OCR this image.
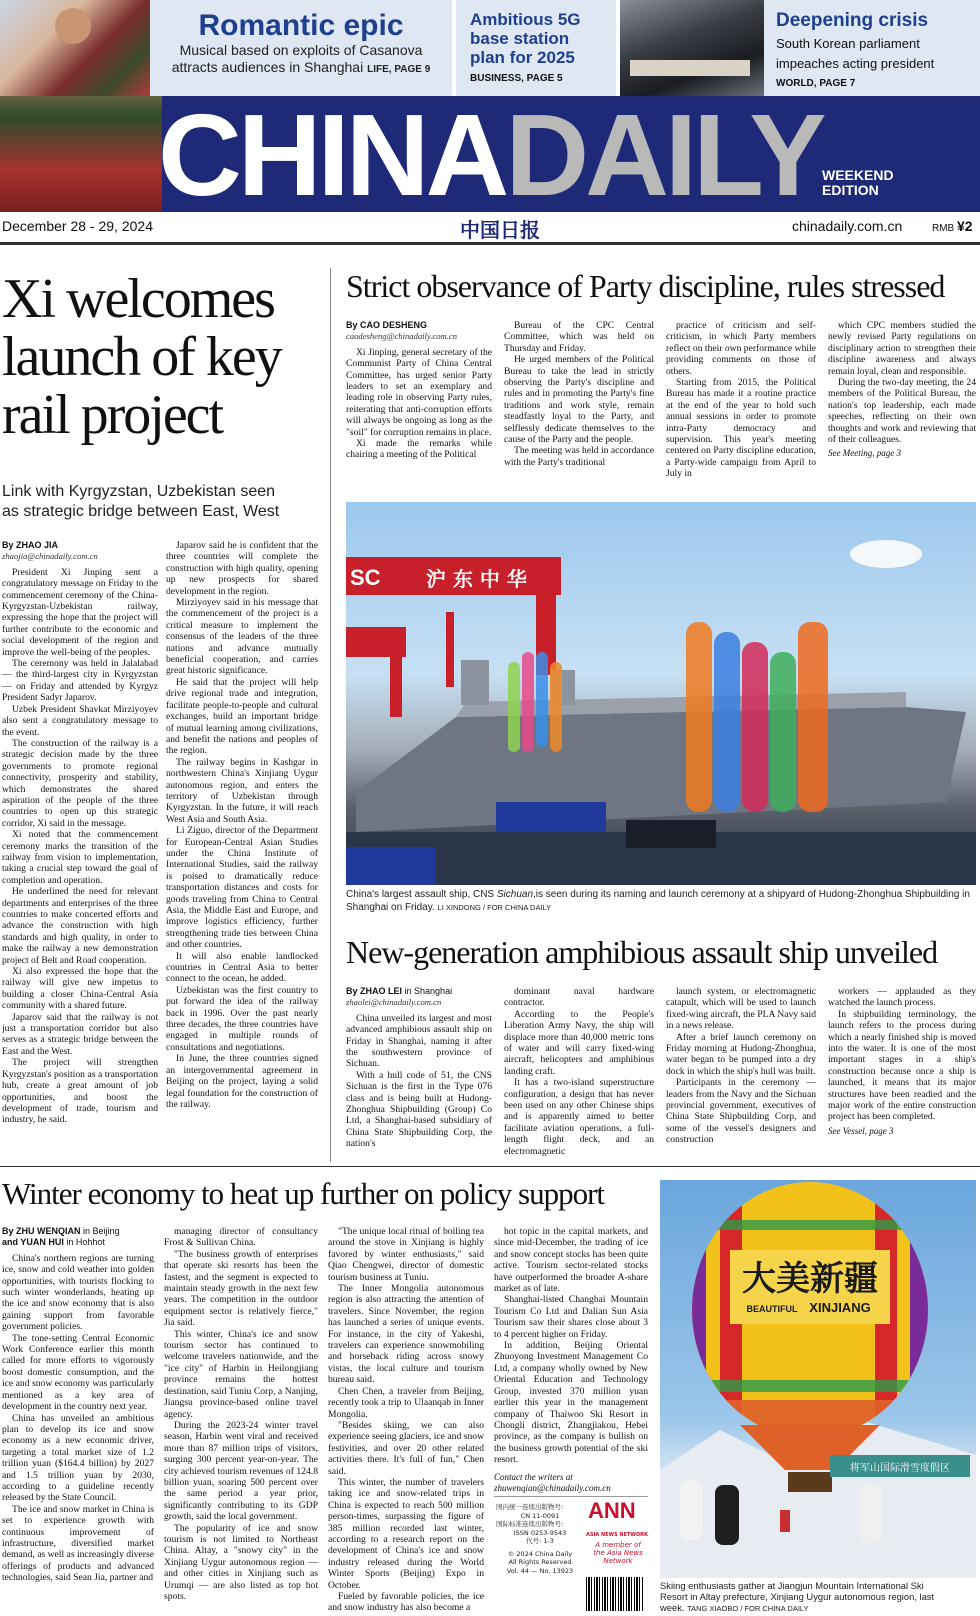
Romantic epic

Musical based on exploits of Casanova

attracts audiences in Shanghai LIFE, PAGE 9

Ambitious 5G
base station
plan for 2025
BUSINESS, PAGE 5
Deepening crisis

South Korean parliament

impeaches acting president

WORLD, PAGE 7
CHINADAILY WEEKEND
EDITION
December 28 - 29, 2024	中国日报	chinadaily.com.cn	RMB ¥2
Xi welcomes
launch of key
rail project
Link with Kyrgyzstan, Uzbekistan seen
as strategic bridge between East, West

By ZHAO JIA

zhaojia@chinadaily.com.cn

President Xi Jinping sent a congratulatory message on Friday to the commencement ceremony of the China-Kyrgyzstan-Uzbekistan railway, expressing the hope that the project will further contribute to the economic and social development of the region and improve the well-being of the peoples.

The ceremony was held in Jalalabad — the third-largest city in Kyrgyzstan — on Friday and attended by Kyrgyz President Sadyr Japarov.

Uzbek President Shavkat Mirziyoyev also sent a congratulatory message to the event.

The construction of the railway is a strategic decision made by the three governments to promote regional connectivity, prosperity and stability, which demonstrates the shared aspiration of the people of the three countries to open up this strategic corridor, Xi said in the message.

Xi noted that the commencement ceremony marks the transition of the railway from vision to implementation, taking a crucial step toward the goal of completion and operation.

He underlined the need for relevant departments and enterprises of the three countries to make concerted efforts and advance the construction with high standards and high quality, in order to make the railway a new demonstration project of Belt and Road cooperation.

Xi also expressed the hope that the railway will give new impetus to building a closer China-Central Asia community with a shared future.

Japarov said that the railway is not just a transportation corridor but also serves as a strategic bridge between the East and the West.

The project will strengthen Kyrgyzstan's position as a transportation hub, create a great amount of job opportunities, and boost the development of trade, tourism and industry, he said.

Japarov said he is confident that the three countries will complete the construction with high quality, opening up new prospects for shared development in the region.

Mirziyoyev said in his message that the commencement of the project is a critical measure to implement the consensus of the leaders of the three nations and advance mutually beneficial cooperation, and carries great historic significance.

He said that the project will help drive regional trade and integration, facilitate people-to-people and cultural exchanges, build an important bridge of mutual learning among civilizations, and benefit the nations and peoples of the region.

The railway begins in Kashgar in northwestern China's Xinjiang Uygur autonomous region, and enters the territory of Uzbekistan through Kyrgyzstan. In the future, it will reach West Asia and South Asia.

Li Ziguo, director of the Department for European-Central Asian Studies under the China Institute of International Studies, said the railway is poised to dramatically reduce transportation distances and costs for goods traveling from China to Central Asia, the Middle East and Europe, and improve logistics efficiency, further strengthening trade ties between China and other countries.

It will also enable landlocked countries in Central Asia to better connect to the ocean, he added.

Uzbekistan was the first country to put forward the idea of the railway back in 1996. Over the past nearly three decades, the three countries have engaged in multiple rounds of consultations and negotiations.

In June, the three countries signed an intergovernmental agreement in Beijing on the project, laying a solid legal foundation for the construction of the railway.

Strict observance of Party discipline, rules stressed

By CAO DESHENG

caodesheng@chinadaily.com.cn

Xi Jinping, general secretary of the Communist Party of China Central Committee, has urged senior Party leaders to set an exemplary and leading role in observing Party rules, reiterating that anti-corruption efforts will always be ongoing as long as the "soil" for corruption remains in place.

Xi made the remarks while chairing a meeting of the Political

Bureau of the CPC Central Committee, which was held on Thursday and Friday.

He urged members of the Political Bureau to take the lead in strictly observing the Party's discipline and rules and in promoting the Party's fine traditions and work style, remain steadfastly loyal to the Party, and selflessly dedicate themselves to the cause of the Party and the people.

The meeting was held in accordance with the Party's traditional

practice of criticism and self-criticism, in which Party members reflect on their own performance while providing comments on those of others.

Starting from 2015, the Political Bureau has made it a routine practice at the end of the year to hold such annual sessions in order to promote intra-Party democracy and supervision. This year's meeting centered on Party discipline education, a Party-wide campaign from April to July in

which CPC members studied the newly revised Party regulations on disciplinary action to strengthen their discipline awareness and always remain loyal, clean and responsible.

During the two-day meeting, the 24 members of the Political Bureau, the nation's top leadership, each made speeches, reflecting on their own thoughts and work and reviewing that of their colleagues.

See Meeting, page 3

SC 沪 东 中 华
China's largest assault ship, CNS Sichuan,is seen during its naming and launch ceremony at a shipyard of Hudong-Zhonghua Shipbuilding in Shanghai on Friday. LI XINDONG / FOR CHINA DAILY
New-generation amphibious assault ship unveiled

By ZHAO LEI in Shanghai

zhaolei@chinadaily.com.cn

China unveiled its largest and most advanced amphibious assault ship on Friday in Shanghai, naming it after the southwestern province of Sichuan.

With a hull code of 51, the CNS Sichuan is the first in the Type 076 class and is being built at Hudong-Zhonghua Shipbuilding (Group) Co Ltd, a Shanghai-based subsidiary of China State Shipbuilding Corp, the nation's

dominant naval hardware contractor.

According to the People's Liberation Army Navy, the ship will displace more than 40,000 metric tons of water and will carry fixed-wing aircraft, helicopters and amphibious landing craft.

It has a two-island superstructure configuration, a design that has never been used on any other Chinese ships and is apparently aimed to better facilitate aviation operations, a full-length flight deck, and an electromagnetic

launch system, or electromagnetic catapult, which will be used to launch fixed-wing aircraft, the PLA Navy said in a news release.

After a brief launch ceremony on Friday morning at Hudong-Zhonghua, water began to be pumped into a dry dock in which the ship's hull was built.

Participants in the ceremony — leaders from the Navy and the Sichuan provincial government, executives of China State Shipbuilding Corp, and some of the vessel's designers and construction

workers — applauded as they watched the launch process.

In shipbuilding terminology, the launch refers to the process during which a nearly finished ship is moved into the water. It is one of the most important stages in a ship's construction because once a ship is launched, it means that its major structures have been readied and the major work of the entire construction project has been completed.

See Vessel, page 3

Winter economy to heat up further on policy support

By ZHU WENQIAN in Beijing

and YUAN HUI in Hohhot

China's northern regions are turning ice, snow and cold weather into golden opportunities, with tourists flocking to such winter wonderlands, heating up the ice and snow economy that is also gaining support from favorable government policies.

The tone-setting Central Economic Work Conference earlier this month called for more efforts to vigorously boost domestic consumption, and the ice and snow economy was particularly mentioned as a key area of development in the country next year.

China has unveiled an ambitious plan to develop its ice and snow economy as a new economic driver, targeting a total market size of 1.2 trillion yuan ($164.4 billion) by 2027 and 1.5 trillion yuan by 2030, according to a guideline recently released by the State Council.

The ice and snow market in China is set to experience growth with continuous improvement of infrastructure, diversified market demand, as well as increasingly diverse offerings of products and advanced technologies, said Sean Jia, partner and

managing director of consultancy Frost & Sullivan China.

"The business growth of enterprises that operate ski resorts has been the fastest, and the segment is expected to maintain steady growth in the next few years. The competition in the outdoor equipment sector is relatively fierce," Jia said.

This winter, China's ice and snow tourism sector has continued to welcome travelers nationwide, and the "ice city" of Harbin in Heilongjiang province remains the hottest destination, said Tuniu Corp, a Nanjing, Jiangsu province-based online travel agency.

During the 2023-24 winter travel season, Harbin went viral and received more than 87 million trips of visitors, surging 300 percent year-on-year. The city achieved tourism revenues of 124.8 billion yuan, soaring 500 percent over the same period a year prior, significantly contributing to its GDP growth, said the local government.

The popularity of ice and snow tourism is not limited to Northeast China. Altay, a "snowy city" in the Xinjiang Uygur autonomous region — and other cities in Xinjiang such as Urumqi — are also listed as top hot spots.

"The unique local ritual of boiling tea around the stove in Xinjiang is highly favored by winter enthusiasts," said Qiao Chengwei, director of domestic tourism business at Tuniu.

The Inner Mongolia autonomous region is also attracting the attention of travelers. Since November, the region has launched a series of unique events. For instance, in the city of Yakeshi, travelers can experience snowmobiling and horseback riding across snowy vistas, the local culture and tourism bureau said.

Chen Chen, a traveler from Beijing, recently took a trip to Ulaanqab in Inner Mongolia.

"Besides skiing, we can also experience seeing glaciers, ice and snow festivities, and over 20 other related activities there. It's full of fun," Chen said.

This winter, the number of travelers taking ice and snow-related trips in China is expected to reach 500 million person-times, surpassing the figure of 385 million recorded last winter, according to a research report on the development of China's ice and snow industry released during the World Winter Sports (Beijing) Expo in October.

Fueled by favorable policies, the ice and snow industry has also become a

hot topic in the capital markets, and since mid-December, the trading of ice and snow concept stocks has been quite active. Tourism sector-related stocks have outperformed the broader A-share market as of late.

Shanghai-listed Changbai Mountain Tourism Co Ltd and Dalian Sun Asia Tourism saw their shares close about 3 to 4 percent higher on Friday.

In addition, Beijing Oriental Zhuoyong Investment Management Co Ltd, a company wholly owned by New Oriental Education and Technology Group, invested 370 million yuan earlier this year in the management company of Thaiwoo Ski Resort in Chongli district, Zhangjiakou, Hebei province, as the company is bullish on the business growth potential of the ski resort.

Contact the writers at

zhuwenqian@chinadaily.com.cn

国内统一连续出版物号:
CN 11-0091
国际标准连续出版物号:
ISSN 0253-9543
代号: 1-3
© 2024 China Daily
All Rights Reserved
Vol. 44 — No. 13923
ANN
ASIA NEWS NETWORK
A member of
the Asia News
Network
大美新疆
BEAUTIFUL XINJIANG
将军山国际滑雪度假区
Skiing enthusiasts gather at Jiangjun Mountain International Ski
Resort in Altay prefecture, Xinjiang Uygur autonomous region, last
week. TANG XIAOBO / FOR CHINA DAILY
